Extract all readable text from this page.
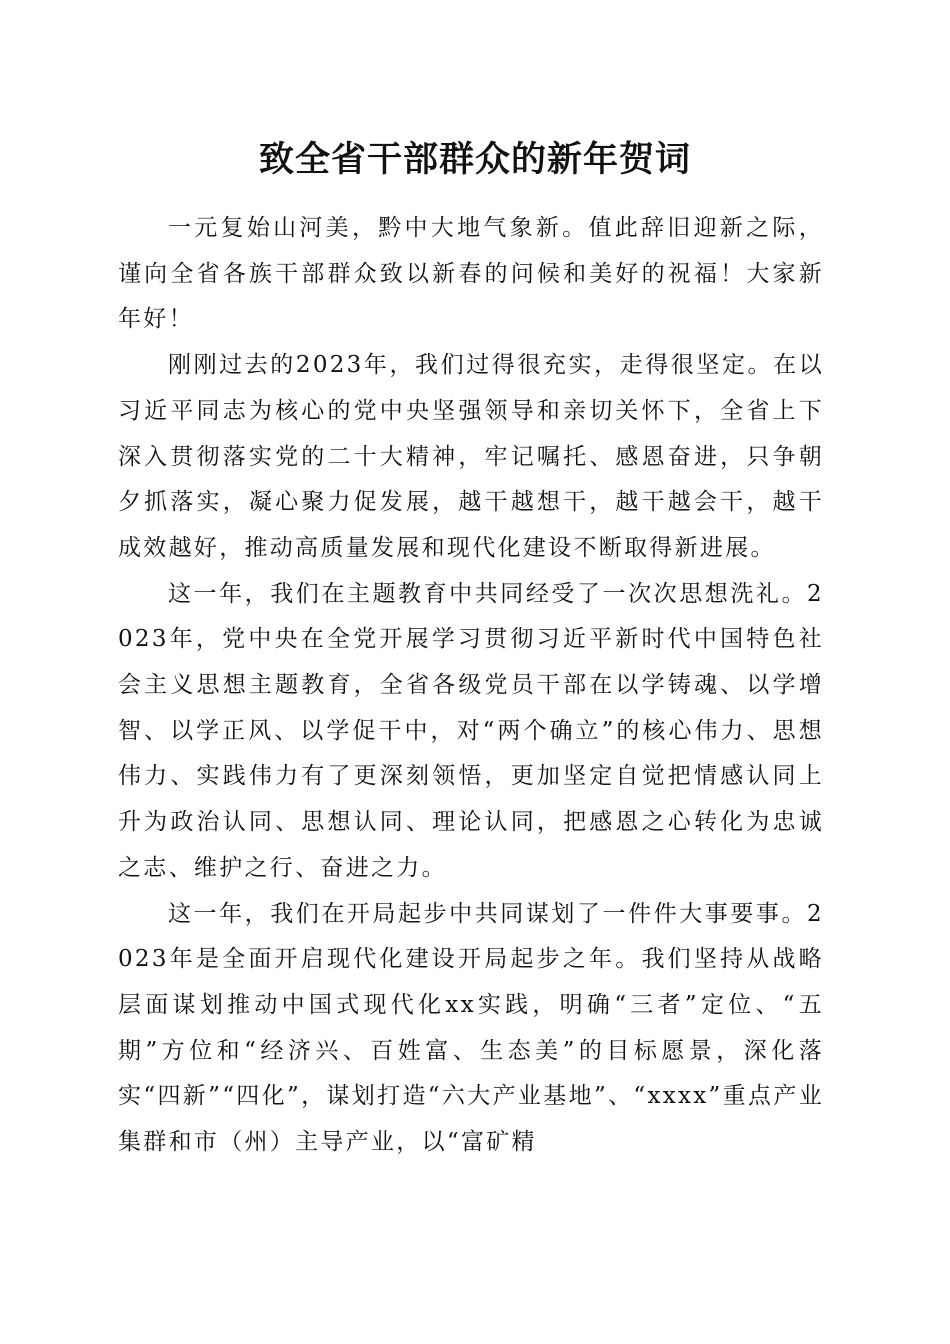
致全省干部群众的新年贺词

一元复始山河美，黔中大地气象新。值此辞旧迎新之际，谨向全省各族干部群众致以新春的问候和美好的祝福！大家新年好！

刚刚过去的2023年，我们过得很充实，走得很坚定。在以习近平同志为核心的党中央坚强领导和亲切关怀下，全省上下深入贯彻落实党的二十大精神，牢记嘱托、感恩奋进，只争朝夕抓落实，凝心聚力促发展，越干越想干，越干越会干，越干成效越好，推动高质量发展和现代化建设不断取得新进展。

这一年，我们在主题教育中共同经受了一次次思想洗礼。2023年，党中央在全党开展学习贯彻习近平新时代中国特色社会主义思想主题教育，全省各级党员干部在以学铸魂、以学增智、以学正风、以学促干中，对“两个确立”的核心伟力、思想伟力、实践伟力有了更深刻领悟，更加坚定自觉把情感认同上升为政治认同、思想认同、理论认同，把感恩之心转化为忠诚之志、维护之行、奋进之力。

这一年，我们在开局起步中共同谋划了一件件大事要事。2023年是全面开启现代化建设开局起步之年。我们坚持从战略层面谋划推动中国式现代化xx实践，明确“三者”定位、“五期”方位和“经济兴、百姓富、生态美”的目标愿景，深化落实“四新”“四化”，谋划打造“六大产业基地”、“xxxx”重点产业集群和市（州）主导产业，以“富矿精
